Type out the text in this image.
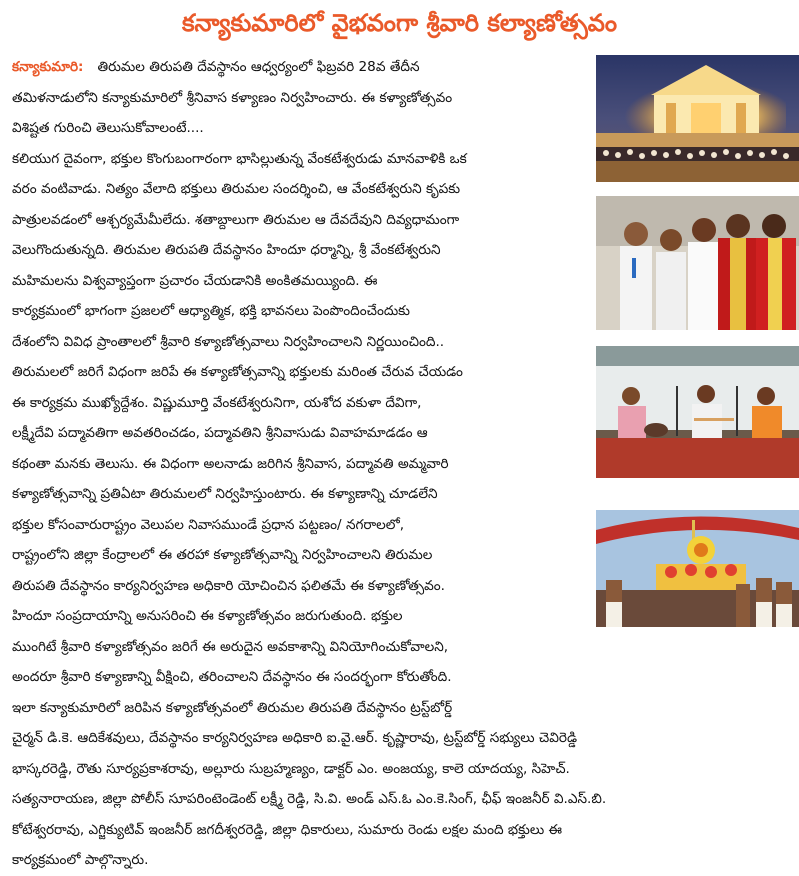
కన్యాకుమారిలో వైభవంగా శ్రీవారి కల్యాణోత్సవం
కన్యాకుమారి: తిరుమల తిరుపతి దేవస్థానం ఆధ్వర్యంలో ఫిబ్రవరి 28వ తేదీన
తమిళనాడులోని కన్యాకుమారిలో శ్రీనివాస కళ్యాణం నిర్వహించారు. ఈ కళ్యాణోత్సవం
విశిష్టత గురించి తెలుసుకోవాలంటే....
కలియుగ దైవంగా, భక్తుల కొంగుబంగారంగా భాసిల్లుతున్న వేంకటేశ్వరుడు మానవాళికి ఒక
వరం వంటివాడు. నిత్యం వేలాది భక్తులు తిరుమల సందర్శించి, ఆ వేంకటేశ్వరుని కృపకు
పాత్రులవడంలో ఆశ్చర్యమేమీలేదు. శతాబ్దాలుగా తిరుమల ఆ దేవదేవుని దివ్యధామంగా
వెలుగొందుతున్నది. తిరుమల తిరుపతి దేవస్థానం హిందూ ధర్మాన్ని, శ్రీ వేంకటేశ్వరుని
మహిమలను విశ్వవ్యాప్తంగా ప్రచారం చేయడానికి అంకితమయ్యింది. ఈ
కార్యక్రమంలో భాగంగా ప్రజలలో ఆధ్యాత్మిక, భక్తి భావనలు పెంపొందించేందుకు
దేశంలోని వివిధ ప్రాంతాలలో శ్రీవారి కళ్యాణోత్సవాలు నిర్వహించాలని నిర్ణయించింది..
తిరుమలలో జరిగే విధంగా జరిపే ఈ కళ్యాణోత్సవాన్ని భక్తులకు మరింత చేరువ చేయడం
ఈ కార్యక్రమ ముఖ్యోద్దేశం. విష్ణుమూర్తి వేంకటేశ్వరునిగా, యశోద వకుళా దేవిగా,
లక్ష్మీదేవి పద్మావతిగా అవతరించడం, పద్మావతిని శ్రీనివాసుడు వివాహమాడడం ఆ
కథంతా మనకు తెలుసు. ఈ విధంగా అలనాడు జరిగిన శ్రీనివాస, పద్మావతి అమ్మవారి
కళ్యాణోత్సవాన్ని ప్రతిఏటా తిరుమలలో నిర్వహిస్తుంటారు. ఈ కళ్యాణాన్ని చూడలేని
భక్తుల కోసంవారురాష్ట్రం వెలుపల నివాసముండే ప్రధాన పట్టణం/ నగరాలలో,
రాష్ట్రంలోని జిల్లా కేంద్రాలలో ఈ తరహా కళ్యాణోత్సవాన్ని నిర్వహించాలని తిరుమల
తిరుపతి దేవస్థానం కార్యనిర్వహణ అధికారి యోచించిన ఫలితమే ఈ కళ్యాణోత్సవం.
హిందూ సంప్రదాయాన్ని అనుసరించి ఈ కళ్యాణోత్సవం జరుగుతుంది. భక్తుల
ముంగిటే శ్రీవారి కళ్యాణోత్సవం జరిగే ఈ అరుదైన అవకాశాన్ని వినియోగించుకోవాలని,
అందరూ శ్రీవారి కళ్యాణాన్ని వీక్షించి, తరించాలని దేవస్థానం ఈ సందర్భంగా కోరుతోంది.
ఇలా కన్యాకుమారిలో జరిపిన కళ్యాణోత్సవంలో తిరుమల తిరుపతి దేవస్థానం ట్రస్ట్‌బోర్డ్
చైర్మన్ డి.కె. ఆదికేశవులు, దేవస్థానం కార్యనిర్వహణ అధికారి ఐ.వై.ఆర్. కృష్ణారావు, ట్రస్ట్‌బోర్డ్ సభ్యులు చెవిరెడ్డి
భాస్కరరెడ్డి, రౌతు సూర్యప్రకాశరావు, అల్లూరు సుబ్రహ్మణ్యం, డాక్టర్ ఎం. అంజయ్య, కాలె యాదయ్య, సిహెచ్.
సత్యనారాయణ, జిల్లా పోలీస్ సూపరింటెండెంట్ లక్ష్మీ రెడ్డి, సి.వి. అండ్ ఎస్.ఓ ఎం.కె.సింగ్, ఛీఫ్ ఇంజనీర్ వి.ఎస్.బి.
కోటేశ్వరరావు, ఎగ్జిక్యుటివ్ ఇంజనీర్ జగదీశ్వరరెడ్డి, జిల్లా ధికారులు, సుమారు రెండు లక్షల మంది భక్తులు ఈ
కార్యక్రమంలో పాల్గొన్నారు.
